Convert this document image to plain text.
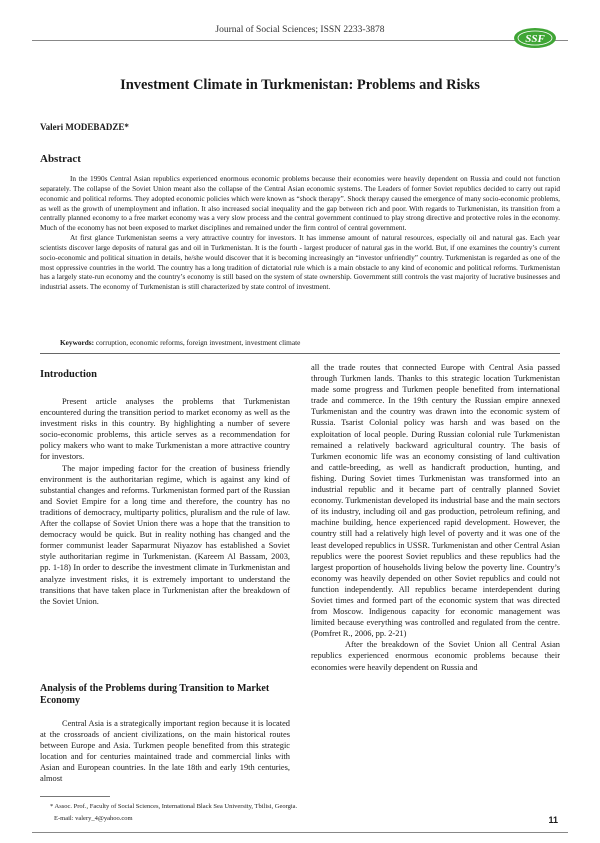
Journal of Social Sciences; ISSN 2233-3878
SSF
Investment Climate in Turkmenistan: Problems and Risks
Valeri MODEBADZE*
Abstract

In the 1990s Central Asian republics experienced enormous economic problems because their economies were heavily dependent on Russia and could not function separately. The collapse of the Soviet Union meant also the collapse of the Central Asian economic systems. The Leaders of former Soviet republics decided to carry out rapid economic and political reforms. They adopted economic policies which were known as “shock therapy”. Shock therapy caused the emergence of many socio-economic problems, as well as the growth of unemployment and inflation. It also increased social inequality and the gap between rich and poor. With regards to Turkmenistan, its transition from a centrally planned economy to a free market economy was a very slow process and the central government continued to play strong directive and protective roles in the economy. Much of the economy has not been exposed to market disciplines and remained under the firm control of central government.

At first glance Turkmenistan seems a very attractive country for investors. It has immense amount of natural resources, especially oil and natural gas. Each year scientists discover large deposits of natural gas and oil in Turkmenistan. It is the fourth - largest producer of natural gas in the world. But, if one examines the country’s current socio-economic and political situation in details, he/she would discover that it is becoming increasingly an “investor unfriendly” country. Turkmenistan is regarded as one of the most oppressive countries in the world. The country has a long tradition of dictatorial rule which is a main obstacle to any kind of economic and political reforms. Turkmenistan has a largely state-run economy and the country’s economy is still based on the system of state ownership. Government still controls the vast majority of lucrative businesses and industrial assets. The economy of Turkmenistan is still characterized by state control of investment.

Keywords: corruption, economic reforms, foreign investment, investment climate
Introduction

Present article analyses the problems that Turkmenistan encountered during the transition period to market economy as well as the investment risks in this country. By highlighting a number of severe socio-economic problems, this article serves as a recommendation for policy makers who want to make Turkmenistan a more attractive country for investors.

The major impeding factor for the creation of business friendly environment is the authoritarian regime, which is against any kind of substantial changes and reforms. Turkmenistan formed part of the Russian and Soviet Empire for a long time and therefore, the country has no traditions of democracy, multiparty politics, pluralism and the rule of law. After the collapse of Soviet Union there was a hope that the transition to democracy would be quick. But in reality nothing has changed and the former communist leader Saparmurat Niyazov has established a Soviet style authoritarian regime in Turkmenistan. (Kareem Al Bassam, 2003, pp. 1-18) In order to describe the investment climate in Turkmenistan and analyze investment risks, it is extremely important to understand the transitions that have taken place in Turkmenistan after the breakdown of the Soviet Union.

Analysis of the Problems during Transition to Market Economy

Central Asia is a strategically important region because it is located at the crossroads of ancient civilizations, on the main historical routes between Europe and Asia. Turkmen people benefited from this strategic location and for centuries maintained trade and commercial links with Asian and European countries. In the late 18th and early 19th centuries, almost

all the trade routes that connected Europe with Central Asia passed through Turkmen lands. Thanks to this strategic location Turkmenistan made some progress and Turkmen people benefited from international trade and commerce. In the 19th century the Russian empire annexed Turkmenistan and the country was drawn into the economic system of Russia. Tsarist Colonial policy was harsh and was based on the exploitation of local people. During Russian colonial rule Turkmenistan remained a relatively backward agricultural country. The basis of Turkmen economic life was an economy consisting of land cultivation and cattle-breeding, as well as handicraft production, hunting, and fishing. During Soviet times Turkmenistan was transformed into an industrial republic and it became part of centrally planned Soviet economy. Turkmenistan developed its industrial base and the main sectors of its industry, including oil and gas production, petroleum refining, and machine building, hence experienced rapid development. However, the country still had a relatively high level of poverty and it was one of the least developed republics in USSR. Turkmenistan and other Central Asian republics were the poorest Soviet republics and these republics had the largest proportion of households living below the poverty line. Country’s economy was heavily depended on other Soviet republics and could not function independently. All republics became interdependent during Soviet times and formed part of the economic system that was directed from Moscow. Indigenous capacity for economic management was limited because everything was controlled and regulated from the centre. (Pomfret R., 2006, pp. 2-21)

After the breakdown of the Soviet Union all Central Asian republics experienced enormous economic problems because their economies were heavily dependent on Russia and

* Assoc. Prof., Faculty of Social Sciences, International Black Sea University, Tbilisi, Georgia.
E-mail: valery_4@yahoo.com	11
